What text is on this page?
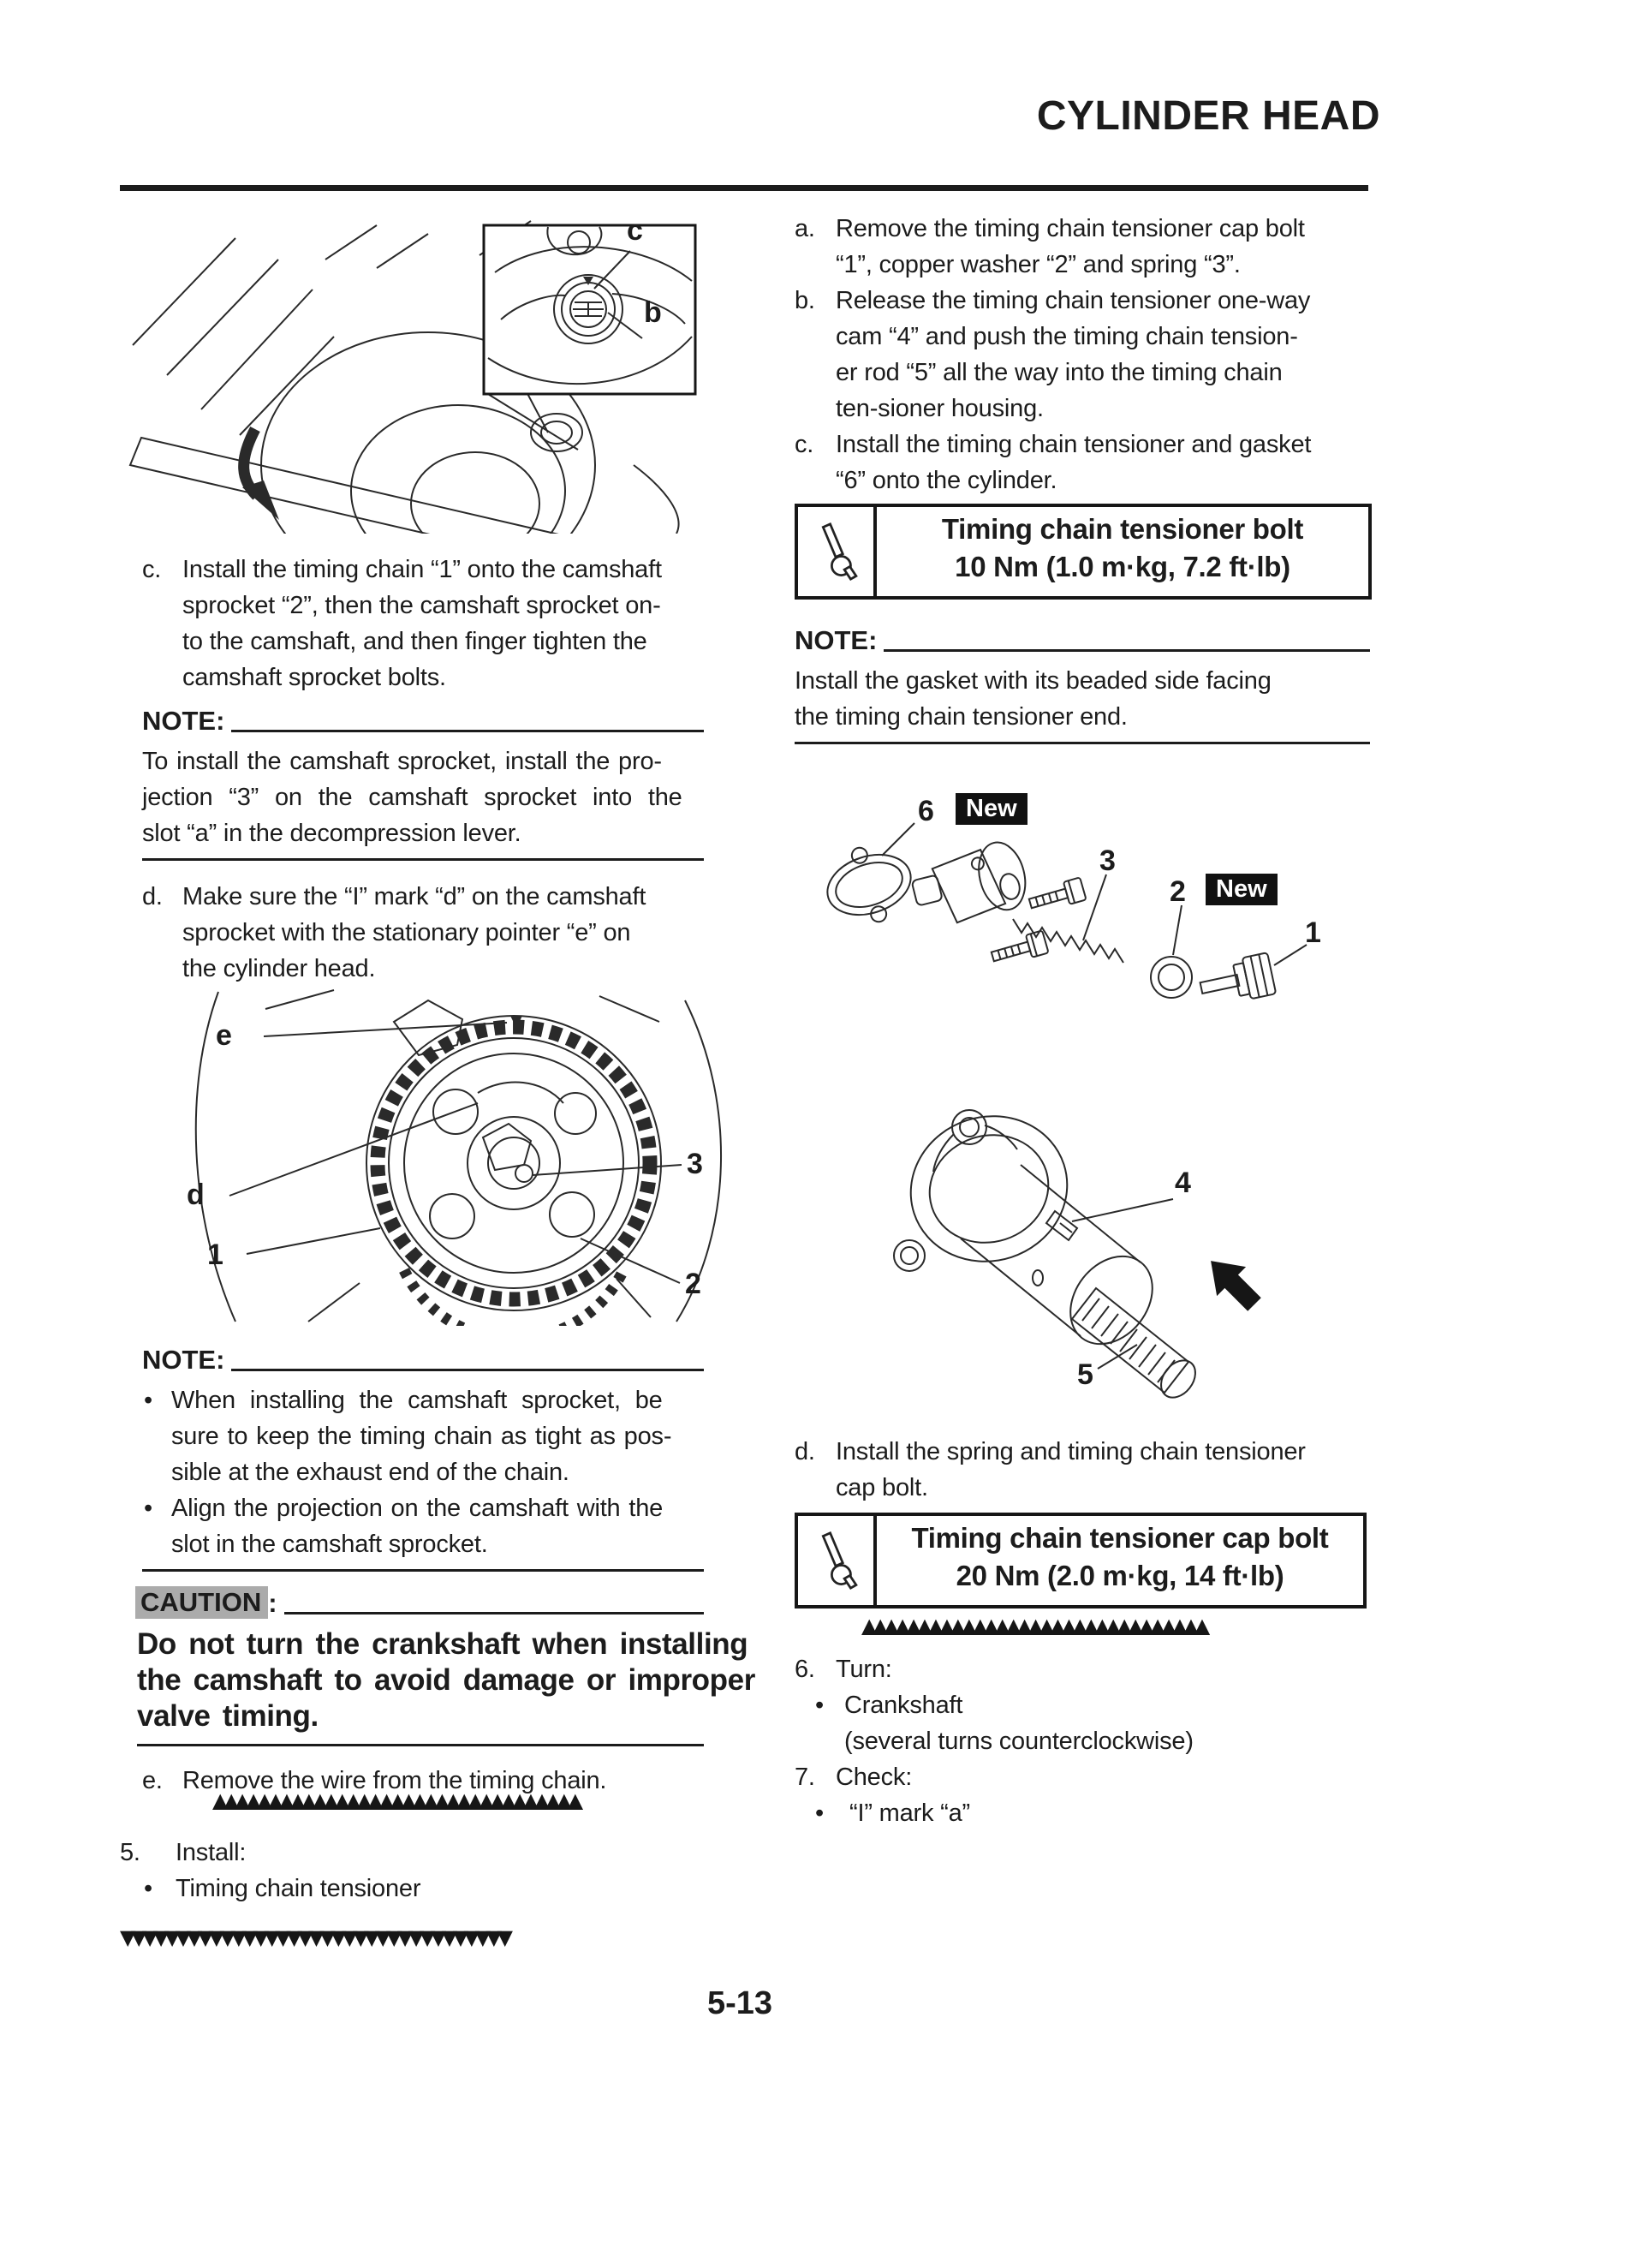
CYLINDER HEAD
c
b
c. Install the timing chain “1” onto the camshaft
sprocket “2”, then the camshaft sprocket on-
to the camshaft, and then finger tighten the
camshaft sprocket bolts.
NOTE:
To install the camshaft sprocket, install the pro-
jection “3” on the camshaft sprocket into the
slot “a” in the decompression lever.
d. Make sure the “I” mark “d” on the camshaft
sprocket with the stationary pointer “e” on
the cylinder head.
e
d
1
3
2
NOTE:
• When installing the camshaft sprocket, be
sure to keep the timing chain as tight as pos-
sible at the exhaust end of the chain.
• Align the projection on the camshaft with the
slot in the camshaft sprocket.
CAUTION :
Do not turn the crankshaft when installing
the camshaft to avoid damage or improper
valve timing.
e. Remove the wire from the timing chain.
▲▲▲▲▲▲▲▲▲▲▲▲▲▲▲▲▲▲▲▲▲▲▲▲▲▲▲▲▲▲▲▲▲
5. Install:
• Timing chain tensioner
▼▼▼▼▼▼▼▼▼▼▼▼▼▼▼▼▼▼▼▼▼▼▼▼▼▼▼▼▼▼▼▼▼▼▼
5-13
a. Remove the timing chain tensioner cap bolt
“1”, copper washer “2” and spring “3”.
b. Release the timing chain tensioner one-way
cam “4” and push the timing chain tension-
er rod “5” all the way into the timing chain
ten-sioner housing.
c. Install the timing chain tensioner and gasket
“6” onto the cylinder.
Timing chain tensioner bolt
10 Nm (1.0 m·kg, 7.2 ft·lb)
NOTE:
Install the gasket with its beaded side facing
the timing chain tensioner end.
6	New
3
2	New
1
4
5
d. Install the spring and timing chain tensioner
cap bolt.
Timing chain tensioner cap bolt
20 Nm (2.0 m·kg, 14 ft·lb)
▲▲▲▲▲▲▲▲▲▲▲▲▲▲▲▲▲▲▲▲▲▲▲▲▲▲▲▲▲▲▲
6. Turn:
• Crankshaft
(several turns counterclockwise)
7. Check:
• “I” mark “a”
